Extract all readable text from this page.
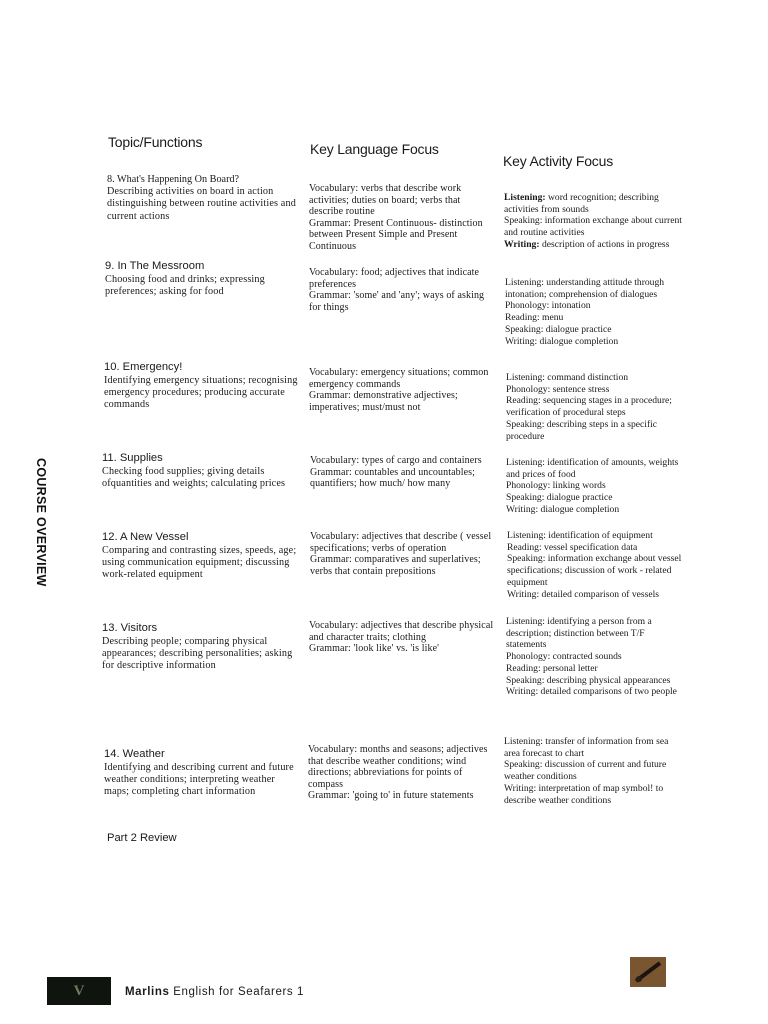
Topic/Functions	Key Language Focus
Key Activity Focus
COURSE OVERVIEW
8. What's Happening On Board?
Describing activities on board in action distinguishing between routine activities and current actions
Vocabulary: verbs that describe work activities; duties on board; verbs that describe routine
Grammar: Present Continuous- distinction between Present Simple and Present Continuous
Listening: word recognition; describing activities from sounds
Speaking: information exchange about current and routine activities
Writing: description of actions in progress
9. In The Messroom
Choosing food and drinks; expressing preferences; asking for food
Vocabulary: food; adjectives that indicate preferences
Grammar: 'some' and 'any'; ways of asking for things
Listening: understanding attitude through intonation; comprehension of dialogues
Phonology: intonation
Reading: menu
Speaking: dialogue practice
Writing: dialogue completion
10. Emergency!
Identifying emergency situations; recognising emergency procedures; producing accurate commands
Vocabulary: emergency situations; common emergency commands
Grammar: demonstrative adjectives; imperatives; must/must not
Listening: command distinction
Phonology: sentence stress
Reading: sequencing stages in a procedure; verification of procedural steps
Speaking: describing steps in a specific procedure
11. Supplies
Checking food supplies; giving details ofquantities and weights; calculating prices
Vocabulary: types of cargo and containers
Grammar: countables and uncountables; quantifiers; how much/ how many
Listening: identification of amounts, weights and prices of food
Phonology: linking words
Speaking: dialogue practice
Writing: dialogue completion
12. A New Vessel
Comparing and contrasting sizes, speeds, age; using communication equipment; discussing work-related equipment
Vocabulary: adjectives that describe ( vessel specifications; verbs of operation
Grammar: comparatives and superlatives; verbs that contain prepositions
Listening: identification of equipment
Reading: vessel specification data
Speaking: information exchange about vessel specifications; discussion of work - related equipment
Writing: detailed comparison of vessels
13. Visitors
Describing people; comparing physical appearances; describing personalities; asking for descriptive information
Vocabulary: adjectives that describe physical and character traits; clothing
Grammar: 'look like' vs. 'is like'
Listening: identifying a person from a description; distinction between T/F statements
Phonology: contracted sounds
Reading: personal letter
Speaking: describing physical appearances
Writing: detailed comparisons of two people
14. Weather
Identifying and describing current and future weather conditions; interpreting weather maps; completing chart information
Vocabulary: months and seasons; adjectives that describe weather conditions; wind directions; abbreviations for points of compass
Grammar: 'going to' in future statements
Listening: transfer of information from sea area forecast to chart
Speaking: discussion of current and future weather conditions
Writing: interpretation of map symbol! to describe weather conditions
Part 2 Review
V	Marlins English for Seafarers 1
